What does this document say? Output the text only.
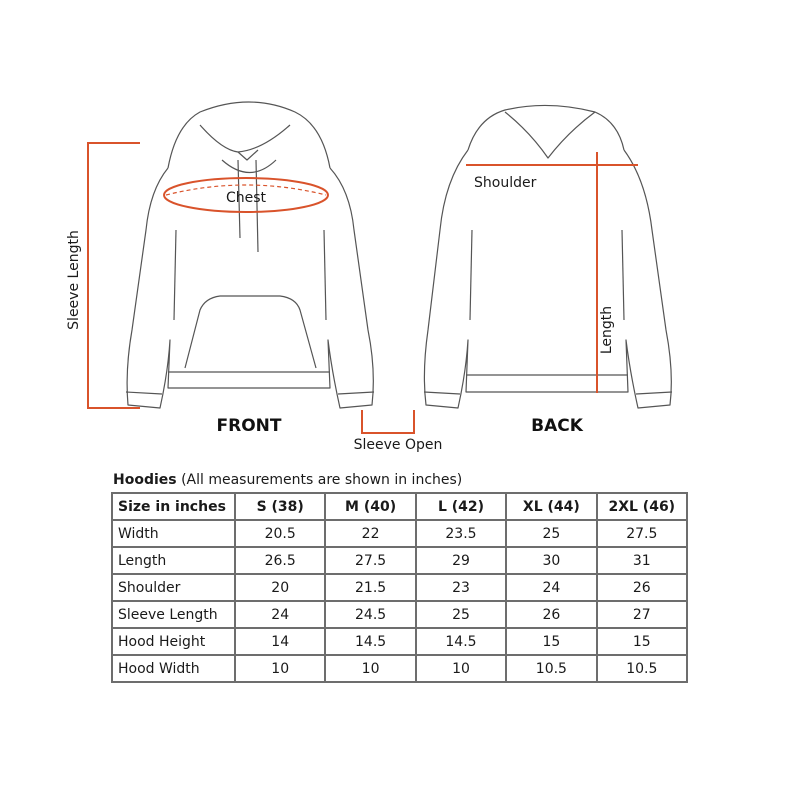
Chest
Sleeve Length
Shoulder
Length
FRONT	BACK
Sleeve Open
Hoodies (All measurements are shown in inches)
Size in inches	S (38)	M (40)	L (42)	XL (44)	2XL (46)
Width	20.5	22	23.5	25	27.5
Length	26.5	27.5	29	30	31
Shoulder	20	21.5	23	24	26
Sleeve Length	24	24.5	25	26	27
Hood Height	14	14.5	14.5	15	15
Hood Width	10	10	10	10.5	10.5
